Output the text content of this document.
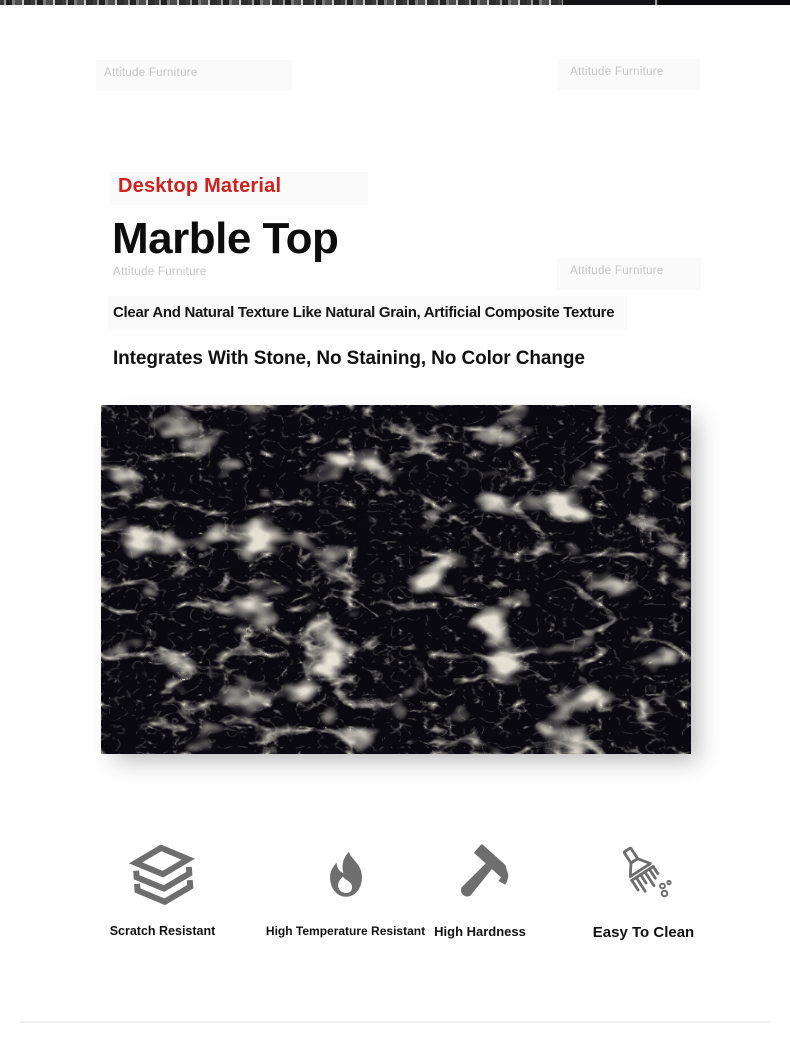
Attitude Furniture	Attitude Furniture
Attitude Furniture	Attitude Furniture
Desktop Material
Marble Top
Clear And Natural Texture Like Natural Grain, Artificial Composite Texture
Integrates With Stone, No Staining, No Color Change
Scratch Resistant	High Temperature Resistant High Hardness	Easy To Clean
